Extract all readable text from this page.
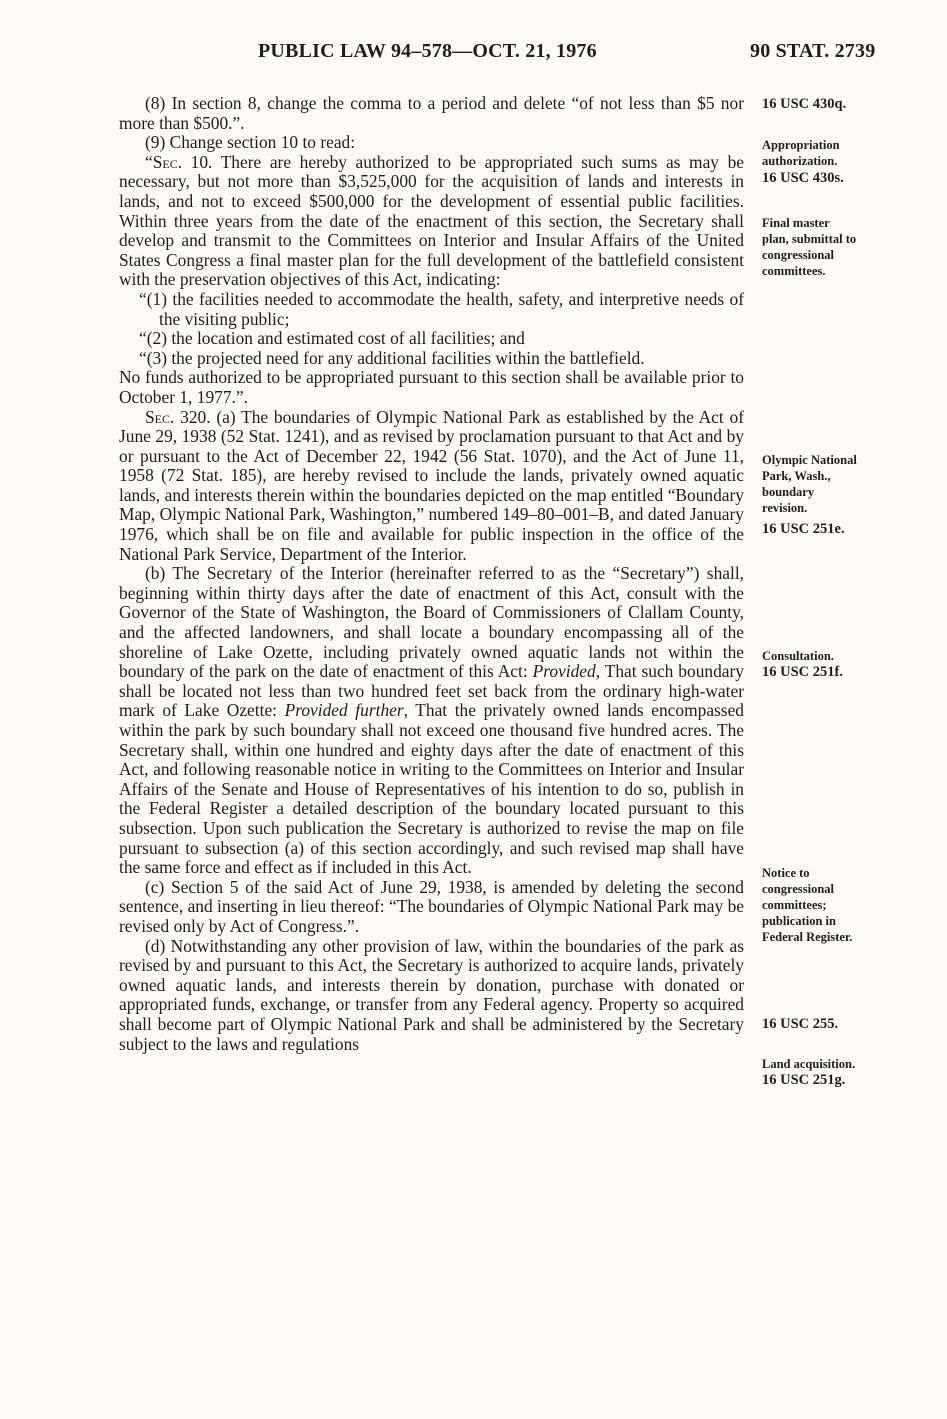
PUBLIC LAW 94–578—OCT. 21, 1976	90 STAT. 2739

(8) In section 8, change the comma to a period and delete “of not less than $5 nor more than $500.”.

(9) Change section 10 to read:

“Sec. 10. There are hereby authorized to be appropriated such sums as may be necessary, but not more than $3,525,000 for the acquisition of lands and interests in lands, and not to exceed $500,000 for the development of essential public facilities. Within three years from the date of the enactment of this section, the Secretary shall develop and transmit to the Committees on Interior and Insular Affairs of the United States Congress a final master plan for the full development of the battlefield consistent with the preservation objectives of this Act, indicating:

“(1) the facilities needed to accommodate the health, safety, and interpretive needs of the visiting public;

“(2) the location and estimated cost of all facilities; and

“(3) the projected need for any additional facilities within the battlefield.

No funds authorized to be appropriated pursuant to this section shall be available prior to October 1, 1977.”.

Sec. 320. (a) The boundaries of Olympic National Park as established by the Act of June 29, 1938 (52 Stat. 1241), and as revised by proclamation pursuant to that Act and by or pursuant to the Act of December 22, 1942 (56 Stat. 1070), and the Act of June 11, 1958 (72 Stat. 185), are hereby revised to include the lands, privately owned aquatic lands, and interests therein within the boundaries depicted on the map entitled “Boundary Map, Olympic National Park, Washington,” numbered 149–80–001–B, and dated January 1976, which shall be on file and available for public inspection in the office of the National Park Service, Department of the Interior.

(b) The Secretary of the Interior (hereinafter referred to as the “Secretary”) shall, beginning within thirty days after the date of enactment of this Act, consult with the Governor of the State of Washington, the Board of Commissioners of Clallam County, and the affected landowners, and shall locate a boundary encompassing all of the shoreline of Lake Ozette, including privately owned aquatic lands not within the boundary of the park on the date of enactment of this Act: Provided, That such boundary shall be located not less than two hundred feet set back from the ordinary high-water mark of Lake Ozette: Provided further, That the privately owned lands encompassed within the park by such boundary shall not exceed one thousand five hundred acres. The Secretary shall, within one hundred and eighty days after the date of enactment of this Act, and following reasonable notice in writing to the Committees on Interior and Insular Affairs of the Senate and House of Representatives of his intention to do so, publish in the Federal Register a detailed description of the boundary located pursuant to this subsection. Upon such publication the Secretary is authorized to revise the map on file pursuant to subsection (a) of this section accordingly, and such revised map shall have the same force and effect as if included in this Act.

(c) Section 5 of the said Act of June 29, 1938, is amended by deleting the second sentence, and inserting in lieu thereof: “The boundaries of Olympic National Park may be revised only by Act of Congress.”.

(d) Notwithstanding any other provision of law, within the boundaries of the park as revised by and pursuant to this Act, the Secretary is authorized to acquire lands, privately owned aquatic lands, and interests therein by donation, purchase with donated or appropriated funds, exchange, or transfer from any Federal agency. Property so acquired shall become part of Olympic National Park and shall be administered by the Secretary subject to the laws and regulations

16 USC 430q.
Appropriation
authorization.
16 USC 430s.
Final master
plan, submittal to
congressional
committees.
Olympic National
Park, Wash.,
boundary
revision.
16 USC 251e.
Consultation.
16 USC 251f.
Notice to
congressional
committees;
publication in
Federal Register.
16 USC 255.
Land acquisition.
16 USC 251g.
